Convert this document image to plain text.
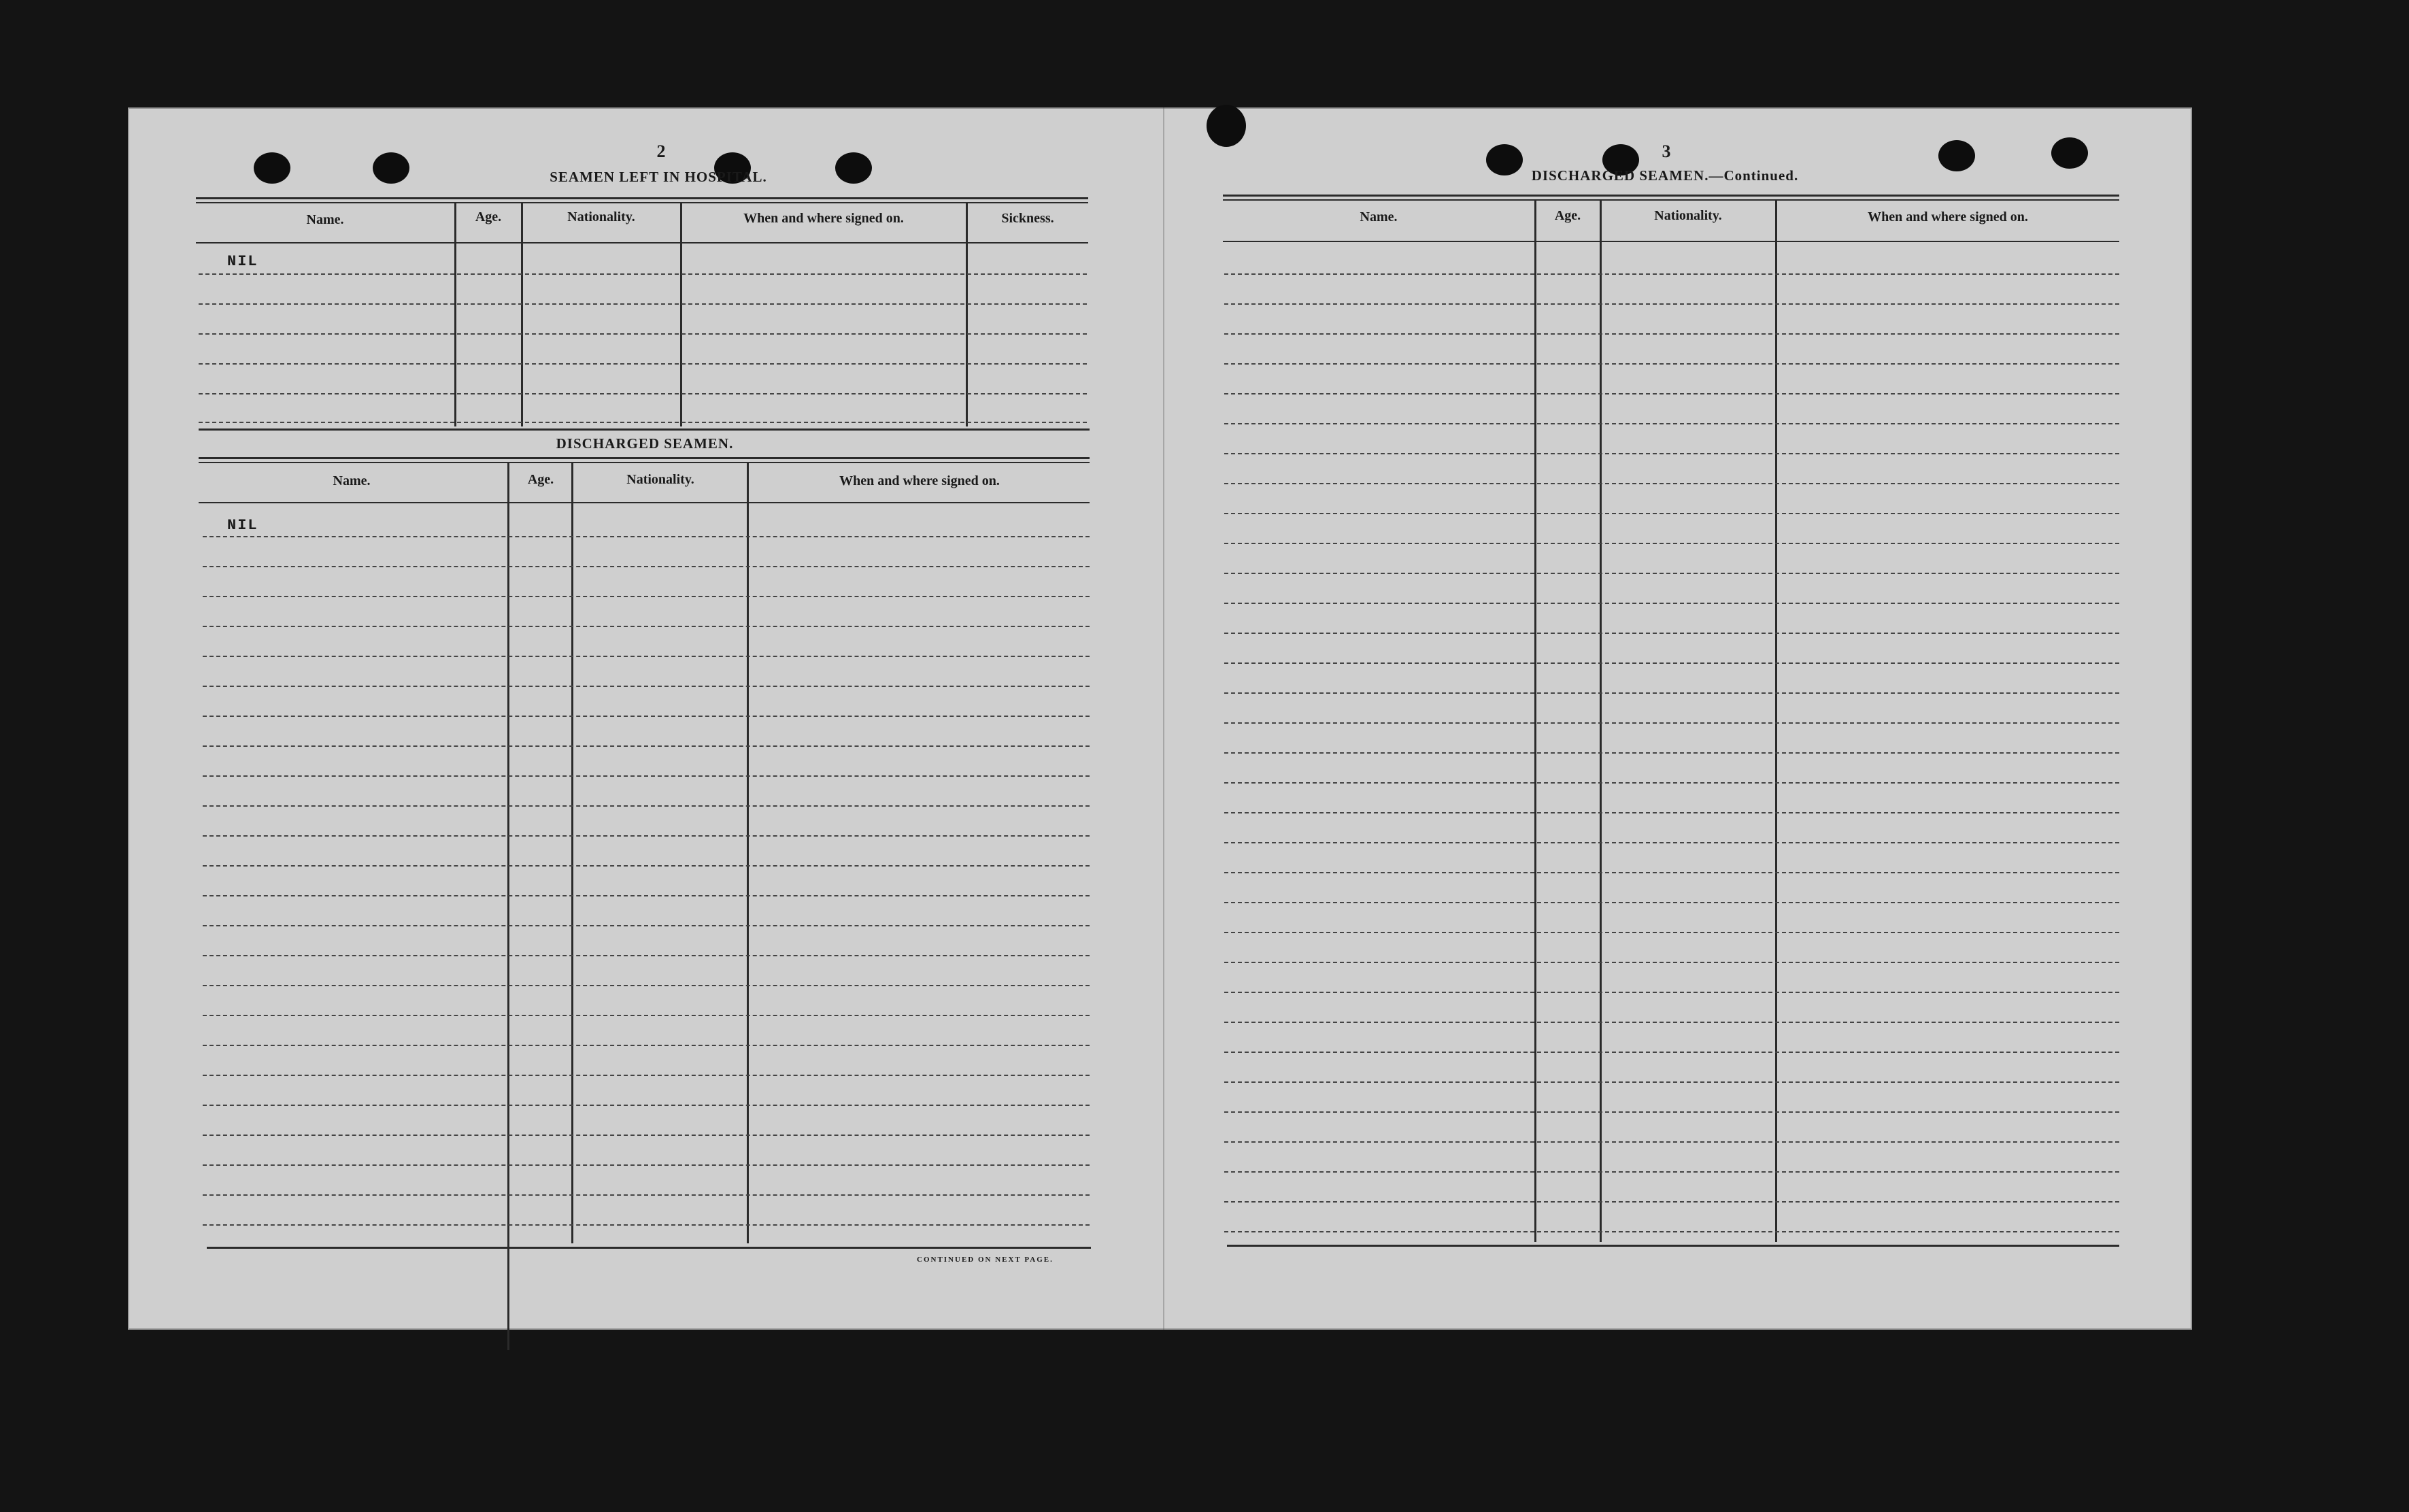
2
SEAMEN LEFT IN HOSPITAL.
Name.	Age.	Nationality.	When and where signed on.	Sickness.
NIL
DISCHARGED SEAMEN.
Name.	Age.	Nationality.	When and where signed on.
NIL
CONTINUED ON NEXT PAGE.
3
DISCHARGED SEAMEN.—Continued.
Name.	Age.	Nationality.	When and where signed on.
